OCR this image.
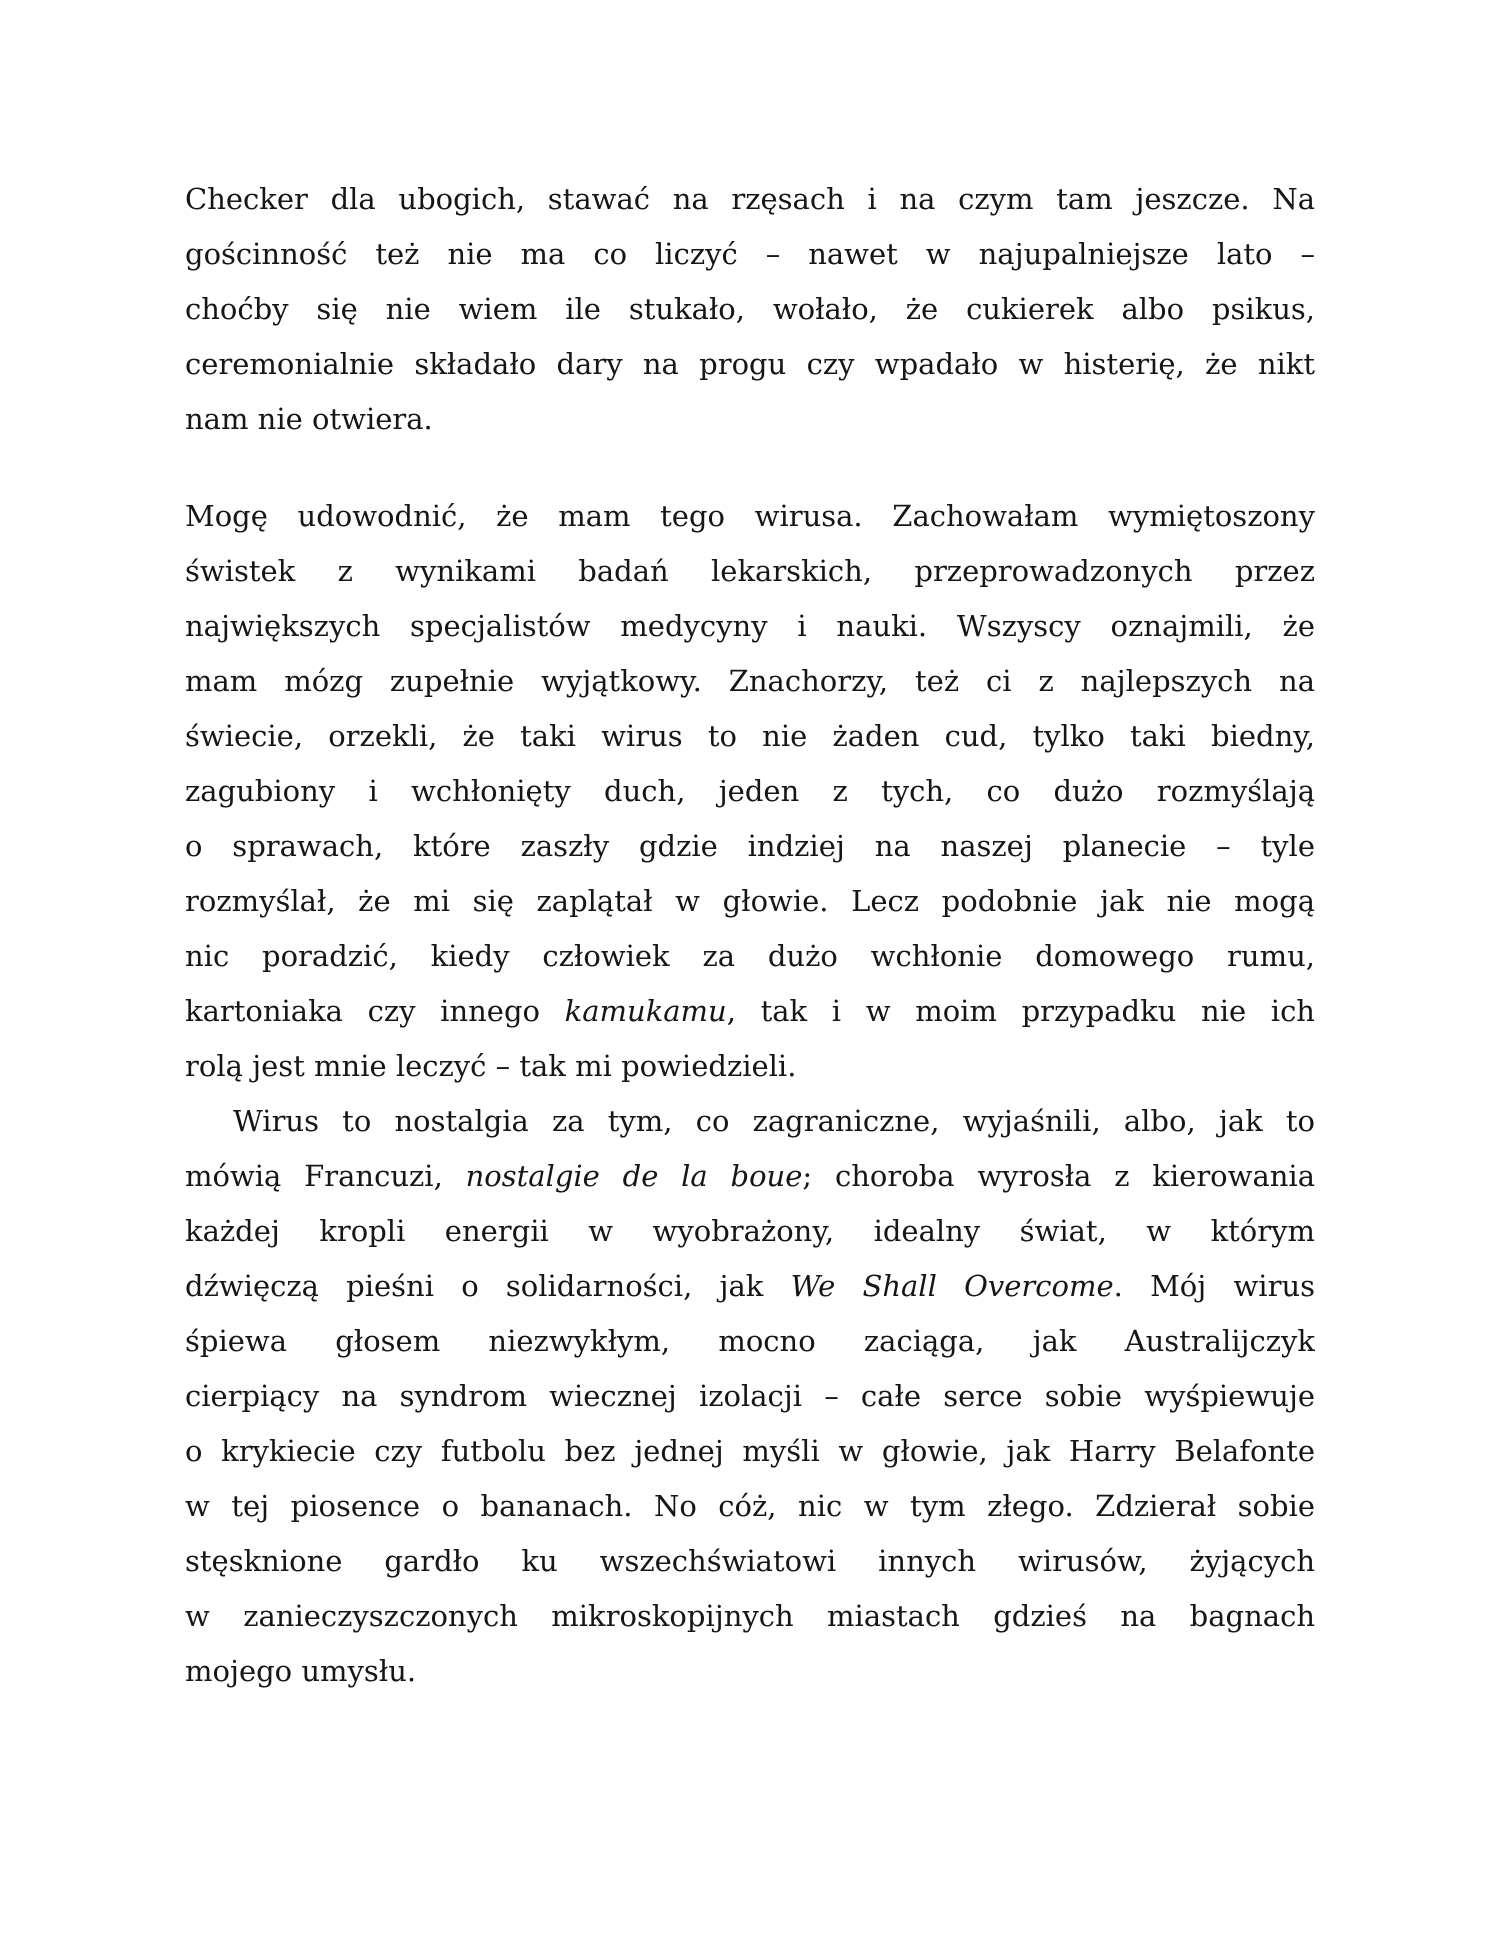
Checker dla ubogich, stawać na rzęsach i na czym tam jeszcze. Na
gościnność też nie ma co liczyć – nawet w najupalniejsze lato –
choćby się nie wiem ile stukało, wołało, że cukierek albo psikus,
ceremonialnie składało dary na progu czy wpadało w histerię, że nikt
nam nie otwiera.
Mogę udowodnić, że mam tego wirusa. Zachowałam wymiętoszony
świstek z wynikami badań lekarskich, przeprowadzonych przez
największych specjalistów medycyny i nauki. Wszyscy oznajmili, że
mam mózg zupełnie wyjątkowy. Znachorzy, też ci z najlepszych na
świecie, orzekli, że taki wirus to nie żaden cud, tylko taki biedny,
zagubiony i wchłonięty duch, jeden z tych, co dużo rozmyślają
o sprawach, które zaszły gdzie indziej na naszej planecie – tyle
rozmyślał, że mi się zaplątał w głowie. Lecz podobnie jak nie mogą
nic poradzić, kiedy człowiek za dużo wchłonie domowego rumu,
kartoniaka czy innego kamukamu, tak i w moim przypadku nie ich
rolą jest mnie leczyć – tak mi powiedzieli.
Wirus to nostalgia za tym, co zagraniczne, wyjaśnili, albo, jak to
mówią Francuzi, nostalgie de la boue; choroba wyrosła z kierowania
każdej kropli energii w wyobrażony, idealny świat, w którym
dźwięczą pieśni o solidarności, jak We Shall Overcome. Mój wirus
śpiewa głosem niezwykłym, mocno zaciąga, jak Australijczyk
cierpiący na syndrom wiecznej izolacji – całe serce sobie wyśpiewuje
o krykiecie czy futbolu bez jednej myśli w głowie, jak Harry Belafonte
w tej piosence o bananach. No cóż, nic w tym złego. Zdzierał sobie
stęsknione gardło ku wszechświatowi innych wirusów, żyjących
w zanieczyszczonych mikroskopijnych miastach gdzieś na bagnach
mojego umysłu.
